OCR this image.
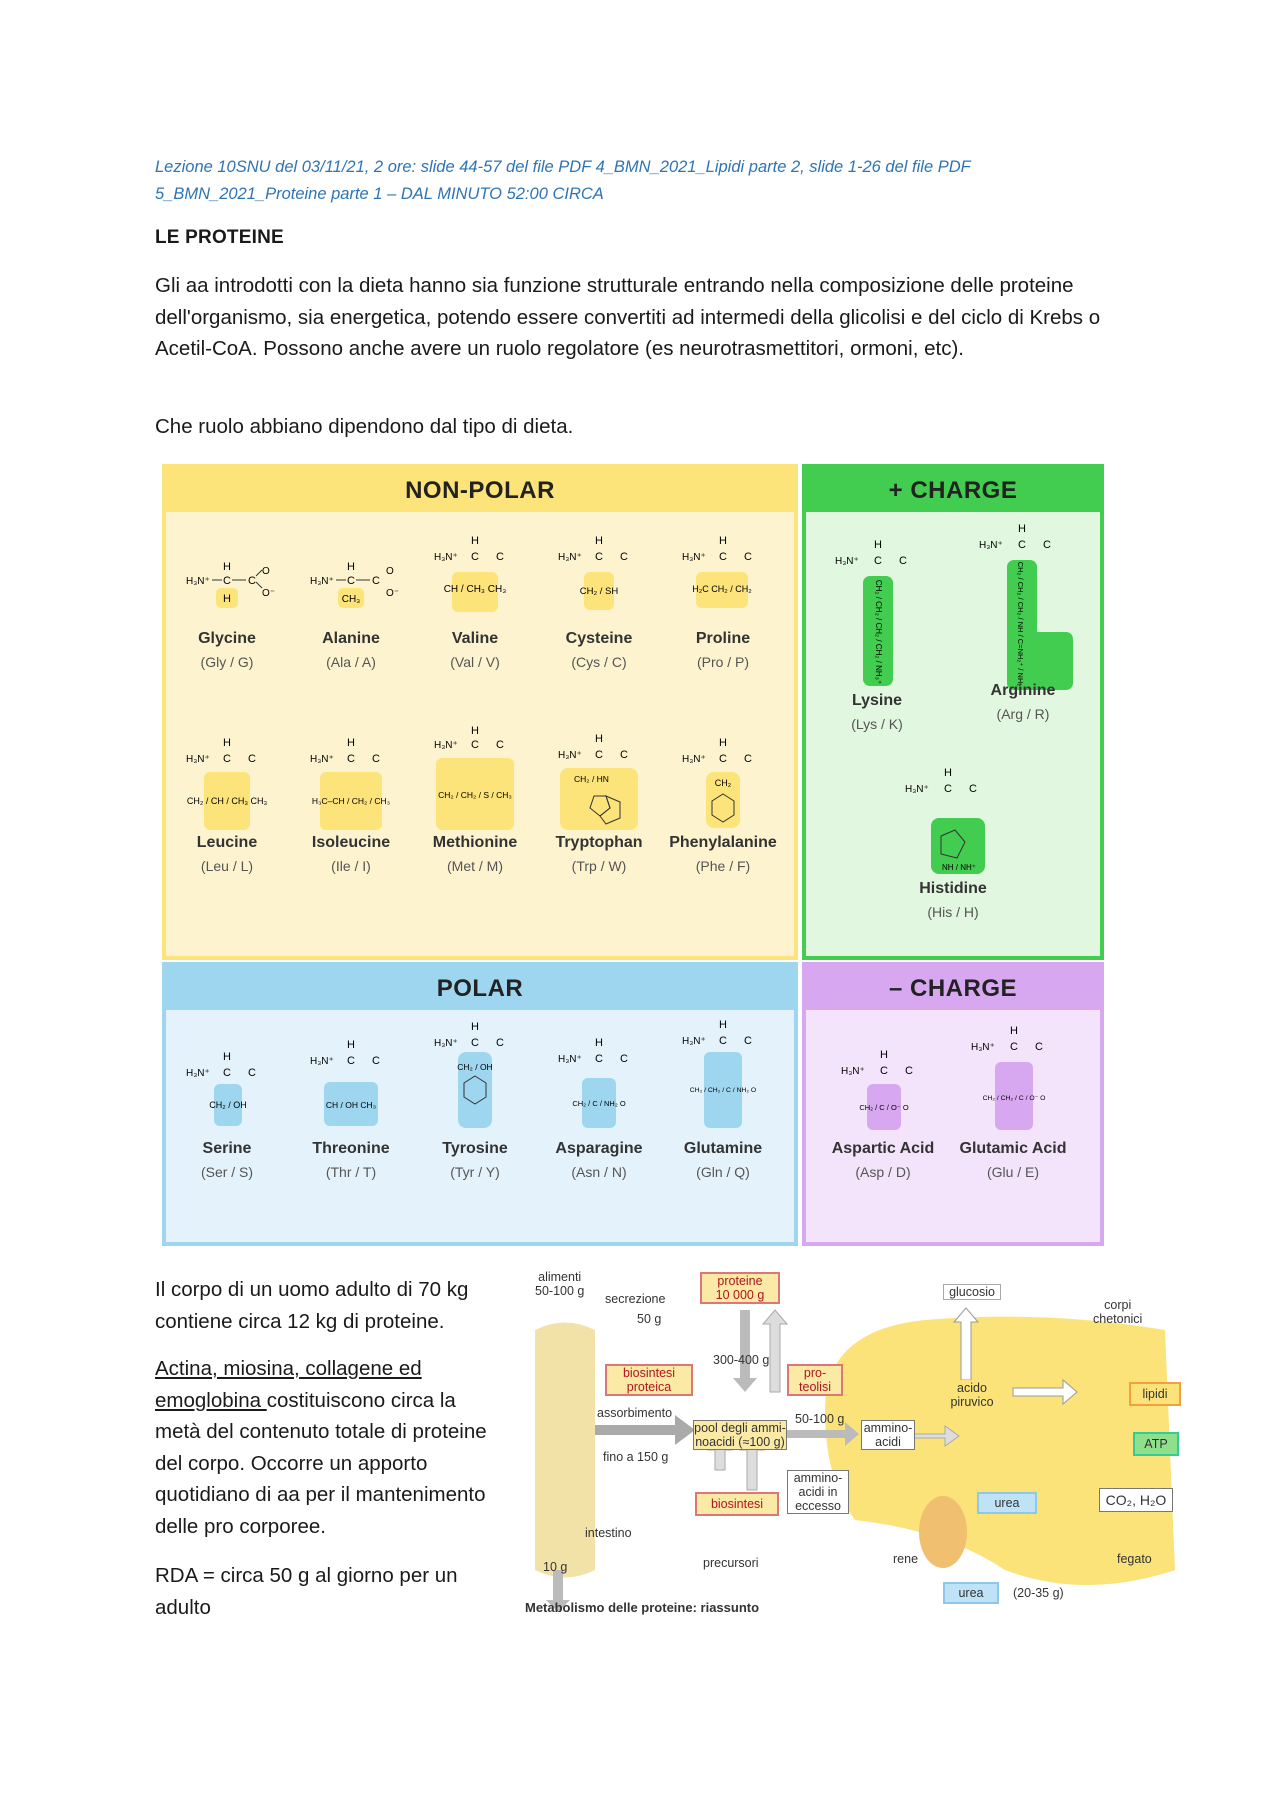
Lezione 10SNU del 03/11/21, 2 ore: slide 44-57 del file PDF 4_BMN_2021_Lipidi parte 2, slide 1-26 del file PDF
5_BMN_2021_Proteine parte 1 – DAL MINUTO 52:00 CIRCA
LE PROTEINE
Gli aa introdotti con la dieta hanno sia funzione strutturale entrando nella composizione delle proteine dell'organismo, sia energetica, potendo essere convertiti ad intermedi della glicolisi e del ciclo di Krebs o Acetil-CoA. Possono anche avere un ruolo regolatore (es neurotrasmettitori, ormoni, etc).
Che ruolo abbiano dipendono dal tipo di dieta.
NON-POLAR	+ CHARGE
POLAR	– CHARGE
H
H₃N⁺ C C
O
O⁻
H
Glycine
(Gly / G)
H
H₃N⁺ C C
O
O⁻
CH₃
Alanine
(Ala / A)
H
H₃N⁺ C C
CH / CH₃ CH₃
Valine
(Val / V)
H
H₃N⁺ C C
CH₂ / SH
Cysteine
(Cys / C)
H
H₃N⁺ C C
H₂C CH₂ / CH₂
Proline
(Pro / P)
H
H₃N⁺ C C
CH₂ / CH / CH₃ CH₃
Leucine
(Leu / L)
H
H₃N⁺ C C
H₃C–CH / CH₂ / CH₃
Isoleucine
(Ile / I)
H
H₃N⁺ C C
CH₂ / CH₂ / S / CH₃
Methionine
(Met / M)
H
H₃N⁺ C C
CH₂ / HN
Tryptophan
(Trp / W)
H
H₃N⁺ C C
CH₂
Phenylalanine
(Phe / F)
H
H₃N⁺ C C
CH₂ / CH₂ / CH₂ / CH₂ / NH₃⁺
Lysine
(Lys / K)
H
H₃N⁺ C C
CH₂ / CH₂ / CH₂ / NH / C=NH₂⁺ / NH₂
Arginine
(Arg / R)
H
H₃N⁺ C C
NH / NH⁺
Histidine
(His / H)
H
H₃N⁺ C C
CH₂ / OH
Serine
(Ser / S)
H
H₃N⁺ C C
CH / OH CH₃
Threonine
(Thr / T)
H
H₃N⁺ C C
CH₂ / OH
Tyrosine
(Tyr / Y)
H
H₃N⁺ C C
CH₂ / C / NH₂ O
Asparagine
(Asn / N)
H
H₃N⁺ C C
CH₂ / CH₂ / C / NH₂ O
Glutamine
(Gln / Q)
H
H₃N⁺ C C
CH₂ / C / O⁻ O
Aspartic Acid
(Asp / D)
H
H₃N⁺ C C
CH₂ / CH₂ / C / O⁻ O
Glutamic Acid
(Glu / E)
Il corpo di un uomo adulto di 70 kg contiene circa 12 kg di proteine.
Actina, miosina, collagene ed emoglobina costituiscono circa la metà del contenuto totale di proteine del corpo. Occorre un apporto quotidiano di aa per il mantenimento delle pro corporee.
RDA = circa 50 g al giorno per un adulto
alimenti
50-100 g
secrezione
50 g
proteine
10 000 g
300-400 g
biosintesi
proteica
pro-
teolisi
assorbimento
fino a 150 g
pool degli ammi-
noacidi (≈100 g)
50-100 g
ammino-
acidi
ammino-
acidi in
eccesso
biosintesi
intestino
10 g	precursori
glucosio
corpi
chetonici
acido
piruvico
lipidi
ATP
urea	CO₂, H₂O
rene	fegato
urea	(20-35 g)
Metabolismo delle proteine: riassunto
